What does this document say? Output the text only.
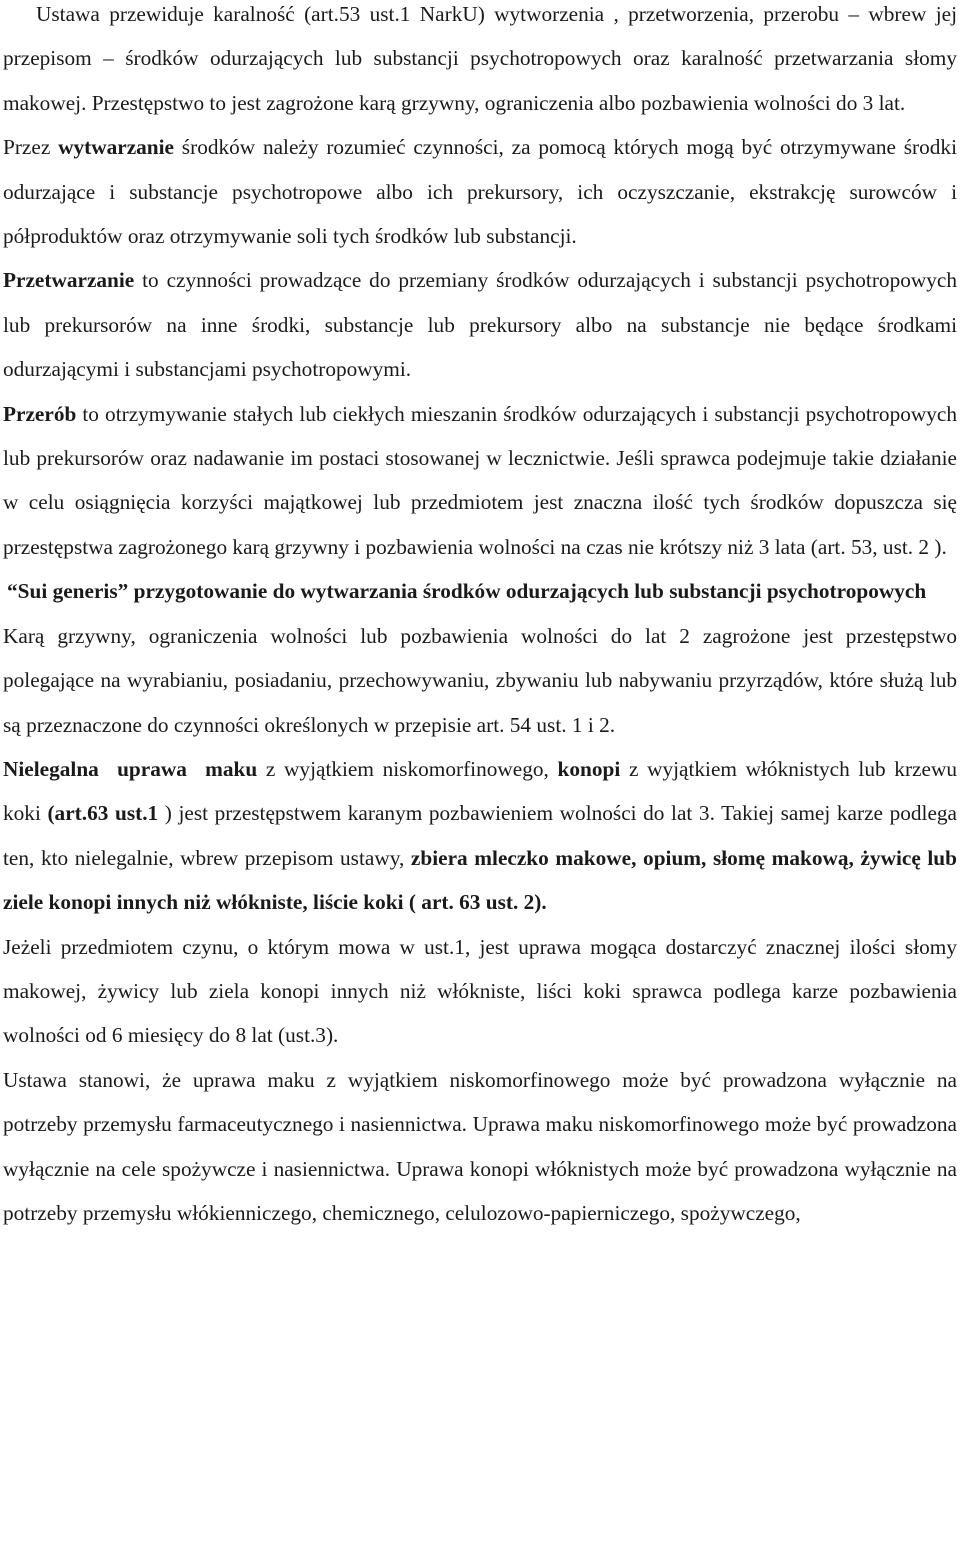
Ustawa przewiduje karalność (art.53 ust.1 NarkU) wytworzenia , przetworzenia, przerobu – wbrew jej przepisom – środków odurzających lub substancji psychotropowych oraz karalność przetwarzania słomy makowej. Przestępstwo to jest zagrożone karą grzywny, ograniczenia albo pozbawienia wolności do 3 lat.

Przez wytwarzanie środków należy rozumieć czynności, za pomocą których mogą być otrzymywane środki odurzające i substancje psychotropowe albo ich prekursory, ich oczyszczanie, ekstrakcję surowców i półproduktów oraz otrzymywanie soli tych środków lub substancji.

Przetwarzanie to czynności prowadzące do przemiany środków odurzających i substancji psychotropowych lub prekursorów na inne środki, substancje lub prekursory albo na substancje nie będące środkami odurzającymi i substancjami psychotropowymi.

Przerób to otrzymywanie stałych lub ciekłych mieszanin środków odurzających i substancji psychotropowych lub prekursorów oraz nadawanie im postaci stosowanej w lecznictwie. Jeśli sprawca podejmuje takie działanie w celu osiągnięcia korzyści majątkowej lub przedmiotem jest znaczna ilość tych środków dopuszcza się przestępstwa zagrożonego karą grzywny i pozbawienia wolności na czas nie krótszy niż 3 lata (art. 53, ust. 2 ).

“Sui generis” przygotowanie do wytwarzania środków odurzających lub substancji psychotropowych

Karą grzywny, ograniczenia wolności lub pozbawienia wolności do lat 2 zagrożone jest przestępstwo polegające na wyrabianiu, posiadaniu, przechowywaniu, zbywaniu lub nabywaniu przyrządów, które służą lub są przeznaczone do czynności określonych w przepisie art. 54 ust. 1 i 2.

Nielegalna uprawa maku z wyjątkiem niskomorfinowego, konopi z wyjątkiem włóknistych lub krzewu koki (art.63 ust.1 ) jest przestępstwem karanym pozbawieniem wolności do lat 3. Takiej samej karze podlega ten, kto nielegalnie, wbrew przepisom ustawy, zbiera mleczko makowe, opium, słomę makową, żywicę lub ziele konopi innych niż włókniste, liście koki ( art. 63 ust. 2).

Jeżeli przedmiotem czynu, o którym mowa w ust.1, jest uprawa mogąca dostarczyć znacznej ilości słomy makowej, żywicy lub ziela konopi innych niż włókniste, liści koki sprawca podlega karze pozbawienia wolności od 6 miesięcy do 8 lat (ust.3).

Ustawa stanowi, że uprawa maku z wyjątkiem niskomorfinowego może być prowadzona wyłącznie na potrzeby przemysłu farmaceutycznego i nasiennictwa. Uprawa maku niskomorfinowego może być prowadzona wyłącznie na cele spożywcze i nasiennictwa. Uprawa konopi włóknistych może być prowadzona wyłącznie na potrzeby przemysłu włókienniczego, chemicznego, celulozowo-papierniczego, spożywczego,
